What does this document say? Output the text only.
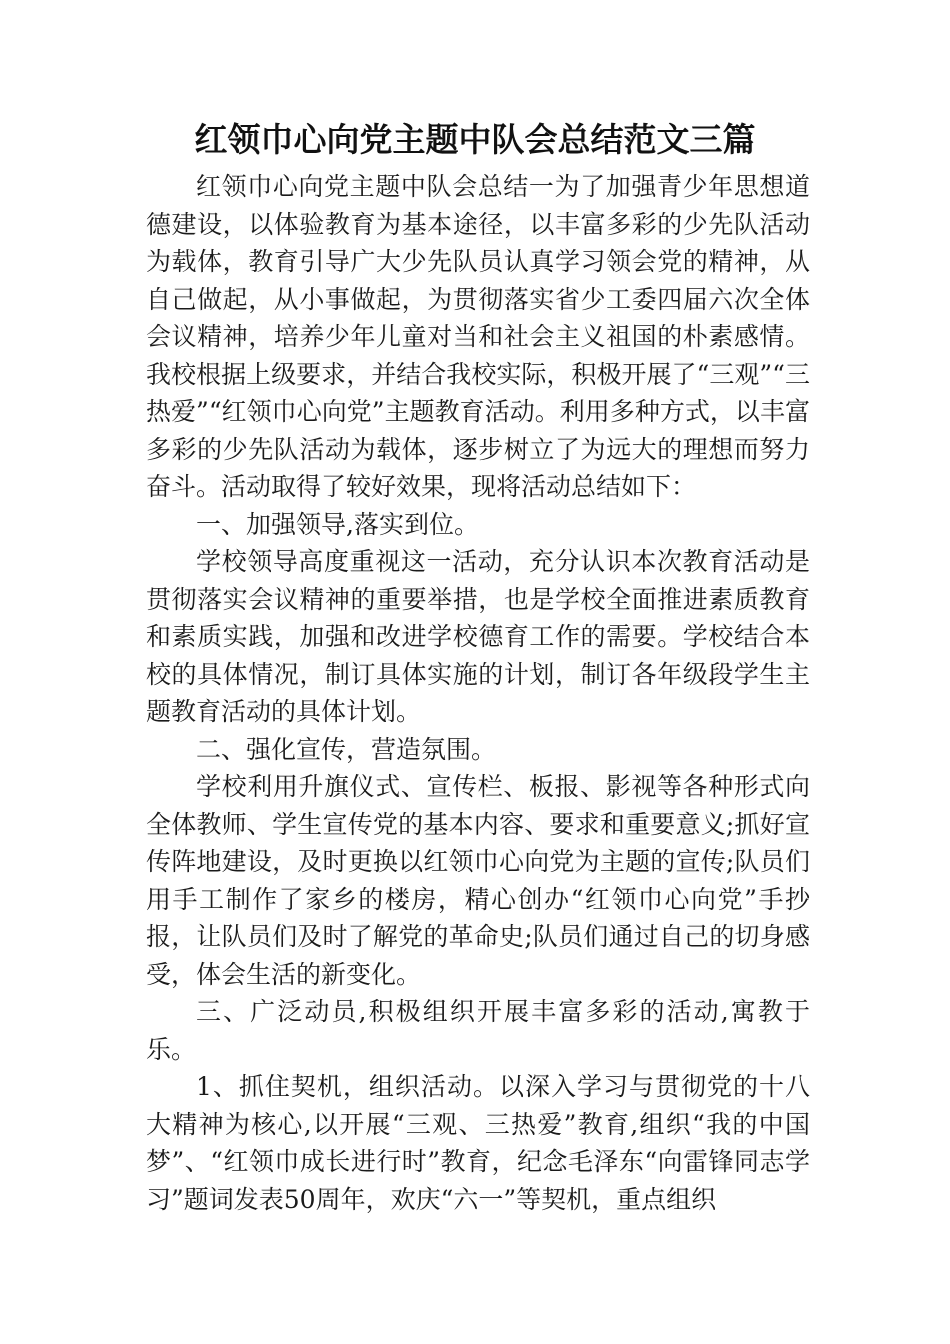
红领巾心向党主题中队会总结范文三篇

红领巾心向党主题中队会总结一为了加强青少年思想道德建设，以体验教育为基本途径，以丰富多彩的少先队活动为载体，教育引导广大少先队员认真学习领会党的精神，从自己做起，从小事做起，为贯彻落实省少工委四届六次全体会议精神，培养少年儿童对当和社会主义祖国的朴素感情。我校根据上级要求，并结合我校实际，积极开展了“三观”“三热爱”“红领巾心向党”主题教育活动。利用多种方式，以丰富多彩的少先队活动为载体，逐步树立了为远大的理想而努力奋斗。活动取得了较好效果，现将活动总结如下：

一、加强领导,落实到位。

学校领导高度重视这一活动，充分认识本次教育活动是贯彻落实会议精神的重要举措，也是学校全面推进素质教育和素质实践，加强和改进学校德育工作的需要。学校结合本校的具体情况，制订具体实施的计划，制订各年级段学生主题教育活动的具体计划。

二、强化宣传，营造氛围。

学校利用升旗仪式、宣传栏、板报、影视等各种形式向全体教师、学生宣传党的基本内容、要求和重要意义;抓好宣传阵地建设，及时更换以红领巾心向党为主题的宣传;队员们用手工制作了家乡的楼房，精心创办“红领巾心向党”手抄报，让队员们及时了解党的革命史;队员们通过自己的切身感受，体会生活的新变化。

三、广泛动员,积极组织开展丰富多彩的活动,寓教于乐。

1、抓住契机，组织活动。以深入学习与贯彻党的十八大精神为核心,以开展“三观、三热爱”教育,组织“我的中国梦”、“红领巾成长进行时”教育，纪念毛泽东“向雷锋同志学习”题词发表50周年，欢庆“六一”等契机，重点组织
